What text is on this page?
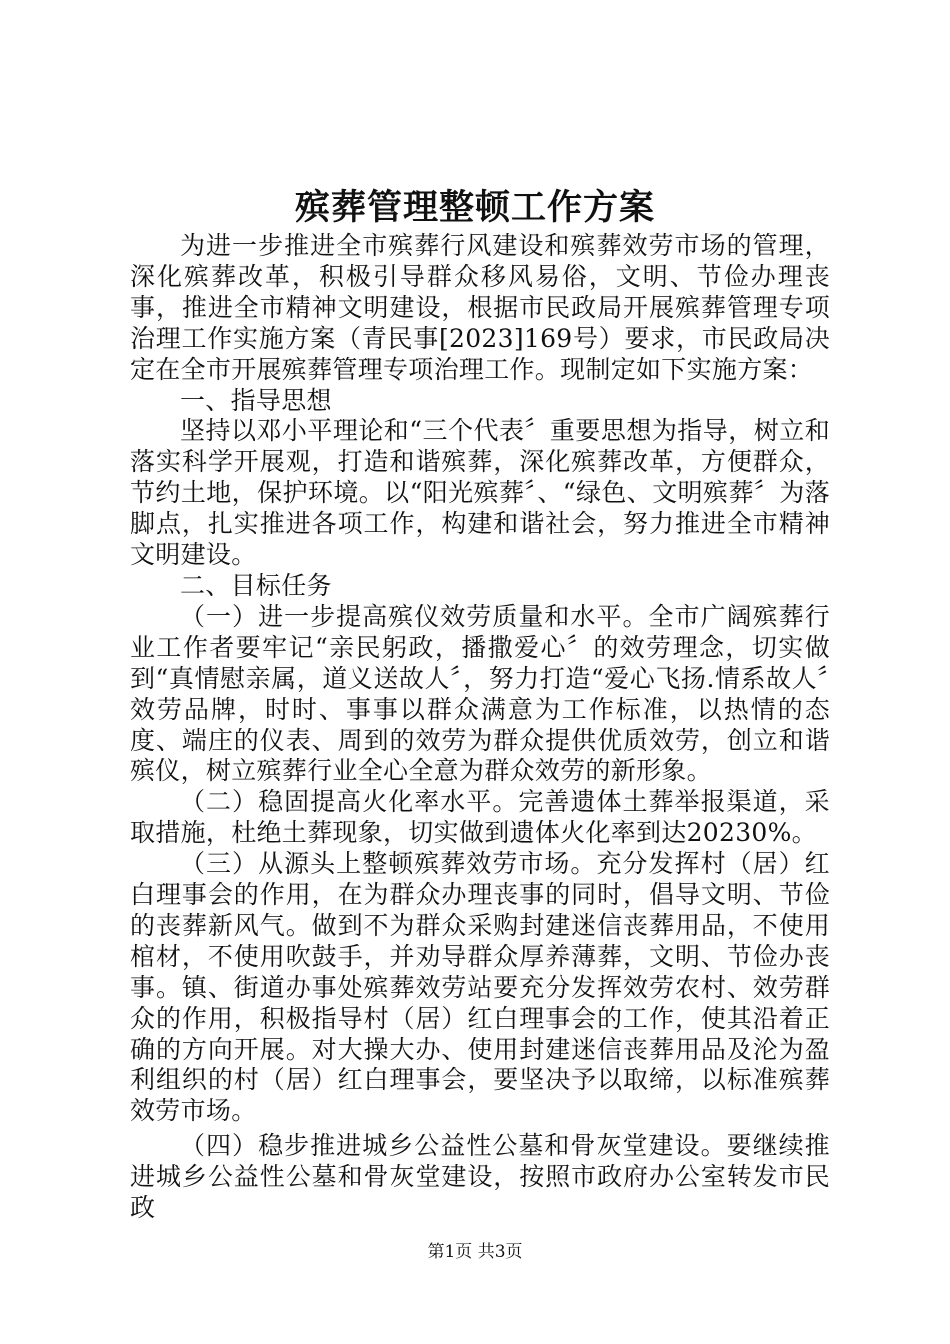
殡葬管理整顿工作方案

为进一步推进全市殡葬行风建设和殡葬效劳市场的管理，深化殡葬改革，积极引导群众移风易俗，文明、节俭办理丧事，推进全市精神文明建设，根据市民政局开展殡葬管理专项治理工作实施方案（青民事[2023]169号）要求，市民政局决定在全市开展殡葬管理专项治理工作。现制定如下实施方案：

一、指导思想

坚持以邓小平理论和“三个代表〞重要思想为指导，树立和落实科学开展观，打造和谐殡葬，深化殡葬改革，方便群众，节约土地，保护环境。以“阳光殡葬〞、“绿色、文明殡葬〞为落脚点，扎实推进各项工作，构建和谐社会，努力推进全市精神文明建设。

二、目标任务

（一）进一步提高殡仪效劳质量和水平。全市广阔殡葬行业工作者要牢记“亲民躬政，播撒爱心〞的效劳理念，切实做到“真情慰亲属，道义送故人〞，努力打造“爱心飞扬.情系故人〞效劳品牌，时时、事事以群众满意为工作标准，以热情的态度、端庄的仪表、周到的效劳为群众提供优质效劳，创立和谐殡仪，树立殡葬行业全心全意为群众效劳的新形象。

（二）稳固提高火化率水平。完善遗体土葬举报渠道，采取措施，杜绝土葬现象，切实做到遗体火化率到达20230%。

（三）从源头上整顿殡葬效劳市场。充分发挥村（居）红白理事会的作用，在为群众办理丧事的同时，倡导文明、节俭的丧葬新风气。做到不为群众采购封建迷信丧葬用品，不使用棺材，不使用吹鼓手，并劝导群众厚养薄葬，文明、节俭办丧事。镇、街道办事处殡葬效劳站要充分发挥效劳农村、效劳群众的作用，积极指导村（居）红白理事会的工作，使其沿着正确的方向开展。对大操大办、使用封建迷信丧葬用品及沦为盈利组织的村（居）红白理事会，要坚决予以取缔，以标准殡葬效劳市场。

（四）稳步推进城乡公益性公墓和骨灰堂建设。要继续推进城乡公益性公墓和骨灰堂建设，按照市政府办公室转发市民政

第1页 共3页
